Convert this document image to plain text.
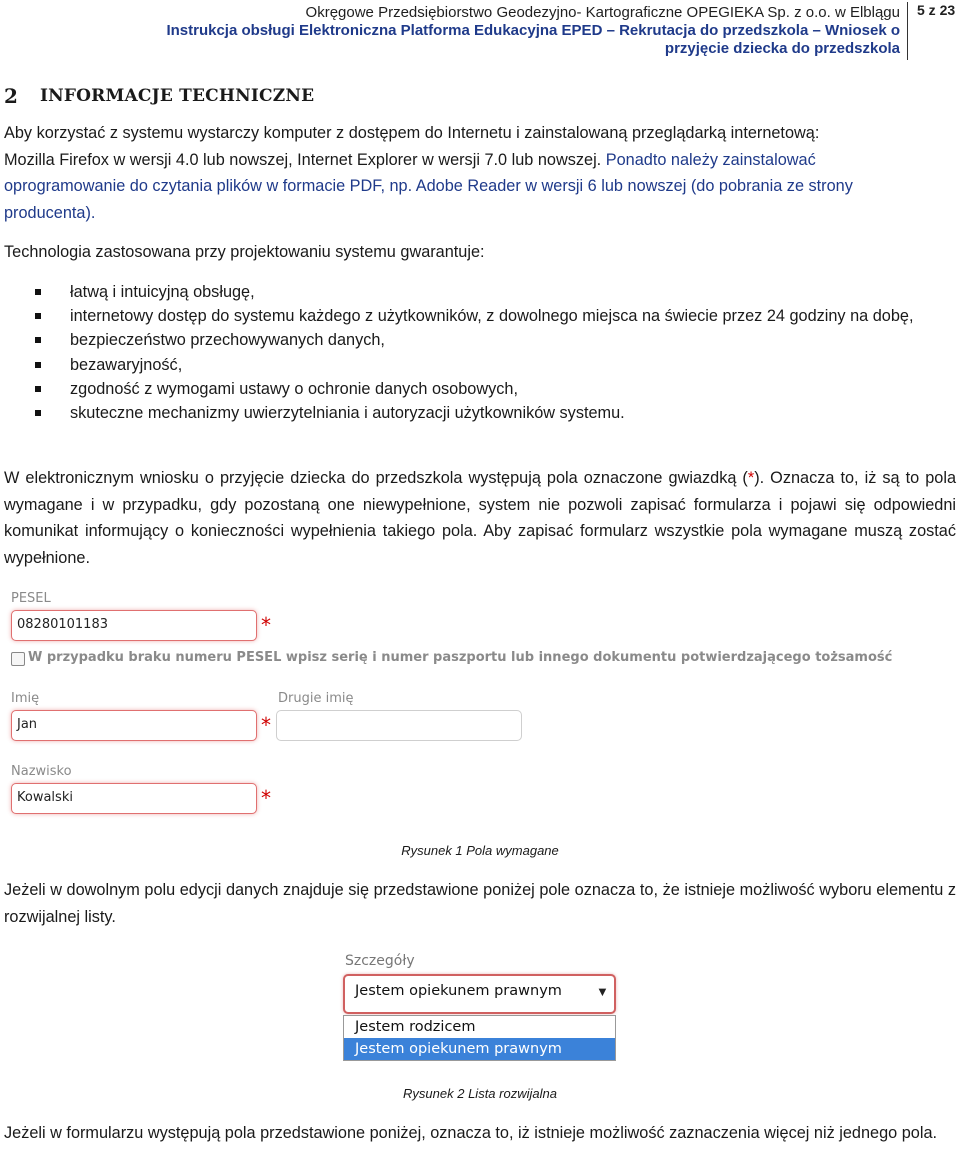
Okręgowe Przedsiębiorstwo Geodezyjno- Kartograficzne OPEGIEKA Sp. z o.o. w Elblągu
Instrukcja obsługi Elektroniczna Platforma Edukacyjna EPED – Rekrutacja do przedszkola – Wniosek o
przyjęcie dziecka do przedszkola
5 z 23
2 INFORMACJE TECHNICZNE
Aby korzystać z systemu wystarczy komputer z dostępem do Internetu i zainstalowaną przeglądarką internetową:
Mozilla Firefox w wersji 4.0 lub nowszej, Internet Explorer w wersji 7.0 lub nowszej. Ponadto należy zainstalować
oprogramowanie do czytania plików w formacie PDF, np. Adobe Reader w wersji 6 lub nowszej (do pobrania ze strony
producenta).
Technologia zastosowana przy projektowaniu systemu gwarantuje:
łatwą i intuicyjną obsługę,
internetowy dostęp do systemu każdego z użytkowników, z dowolnego miejsca na świecie przez 24 godziny na dobę,
bezpieczeństwo przechowywanych danych,
bezawaryjność,
zgodność z wymogami ustawy o ochronie danych osobowych,
skuteczne mechanizmy uwierzytelniania i autoryzacji użytkowników systemu.
W elektronicznym wniosku o przyjęcie dziecka do przedszkola występują pola oznaczone gwiazdką (*). Oznacza to, iż są to pola wymagane i w przypadku, gdy pozostaną one niewypełnione, system nie pozwoli zapisać formularza i pojawi się odpowiedni komunikat informujący o konieczności wypełnienia takiego pola. Aby zapisać formularz wszystkie pola wymagane muszą zostać wypełnione.
PESEL
08280101183	*
W przypadku braku numeru PESEL wpisz serię i numer paszportu lub innego dokumentu potwierdzającego tożsamość
Imię
Jan	*
Drugie imię
Nazwisko
Kowalski	*
Rysunek 1 Pola wymagane
Jeżeli w dowolnym polu edycji danych znajduje się przedstawione poniżej pole oznacza to, że istnieje możliwość wyboru elementu z rozwijalnej listy.
Szczegóły
Jestem opiekunem prawnym	▼
Jestem rodzicem
Jestem opiekunem prawnym
Rysunek 2 Lista rozwijalna
Jeżeli w formularzu występują pola przedstawione poniżej, oznacza to, iż istnieje możliwość zaznaczenia więcej niż jednego pola.
